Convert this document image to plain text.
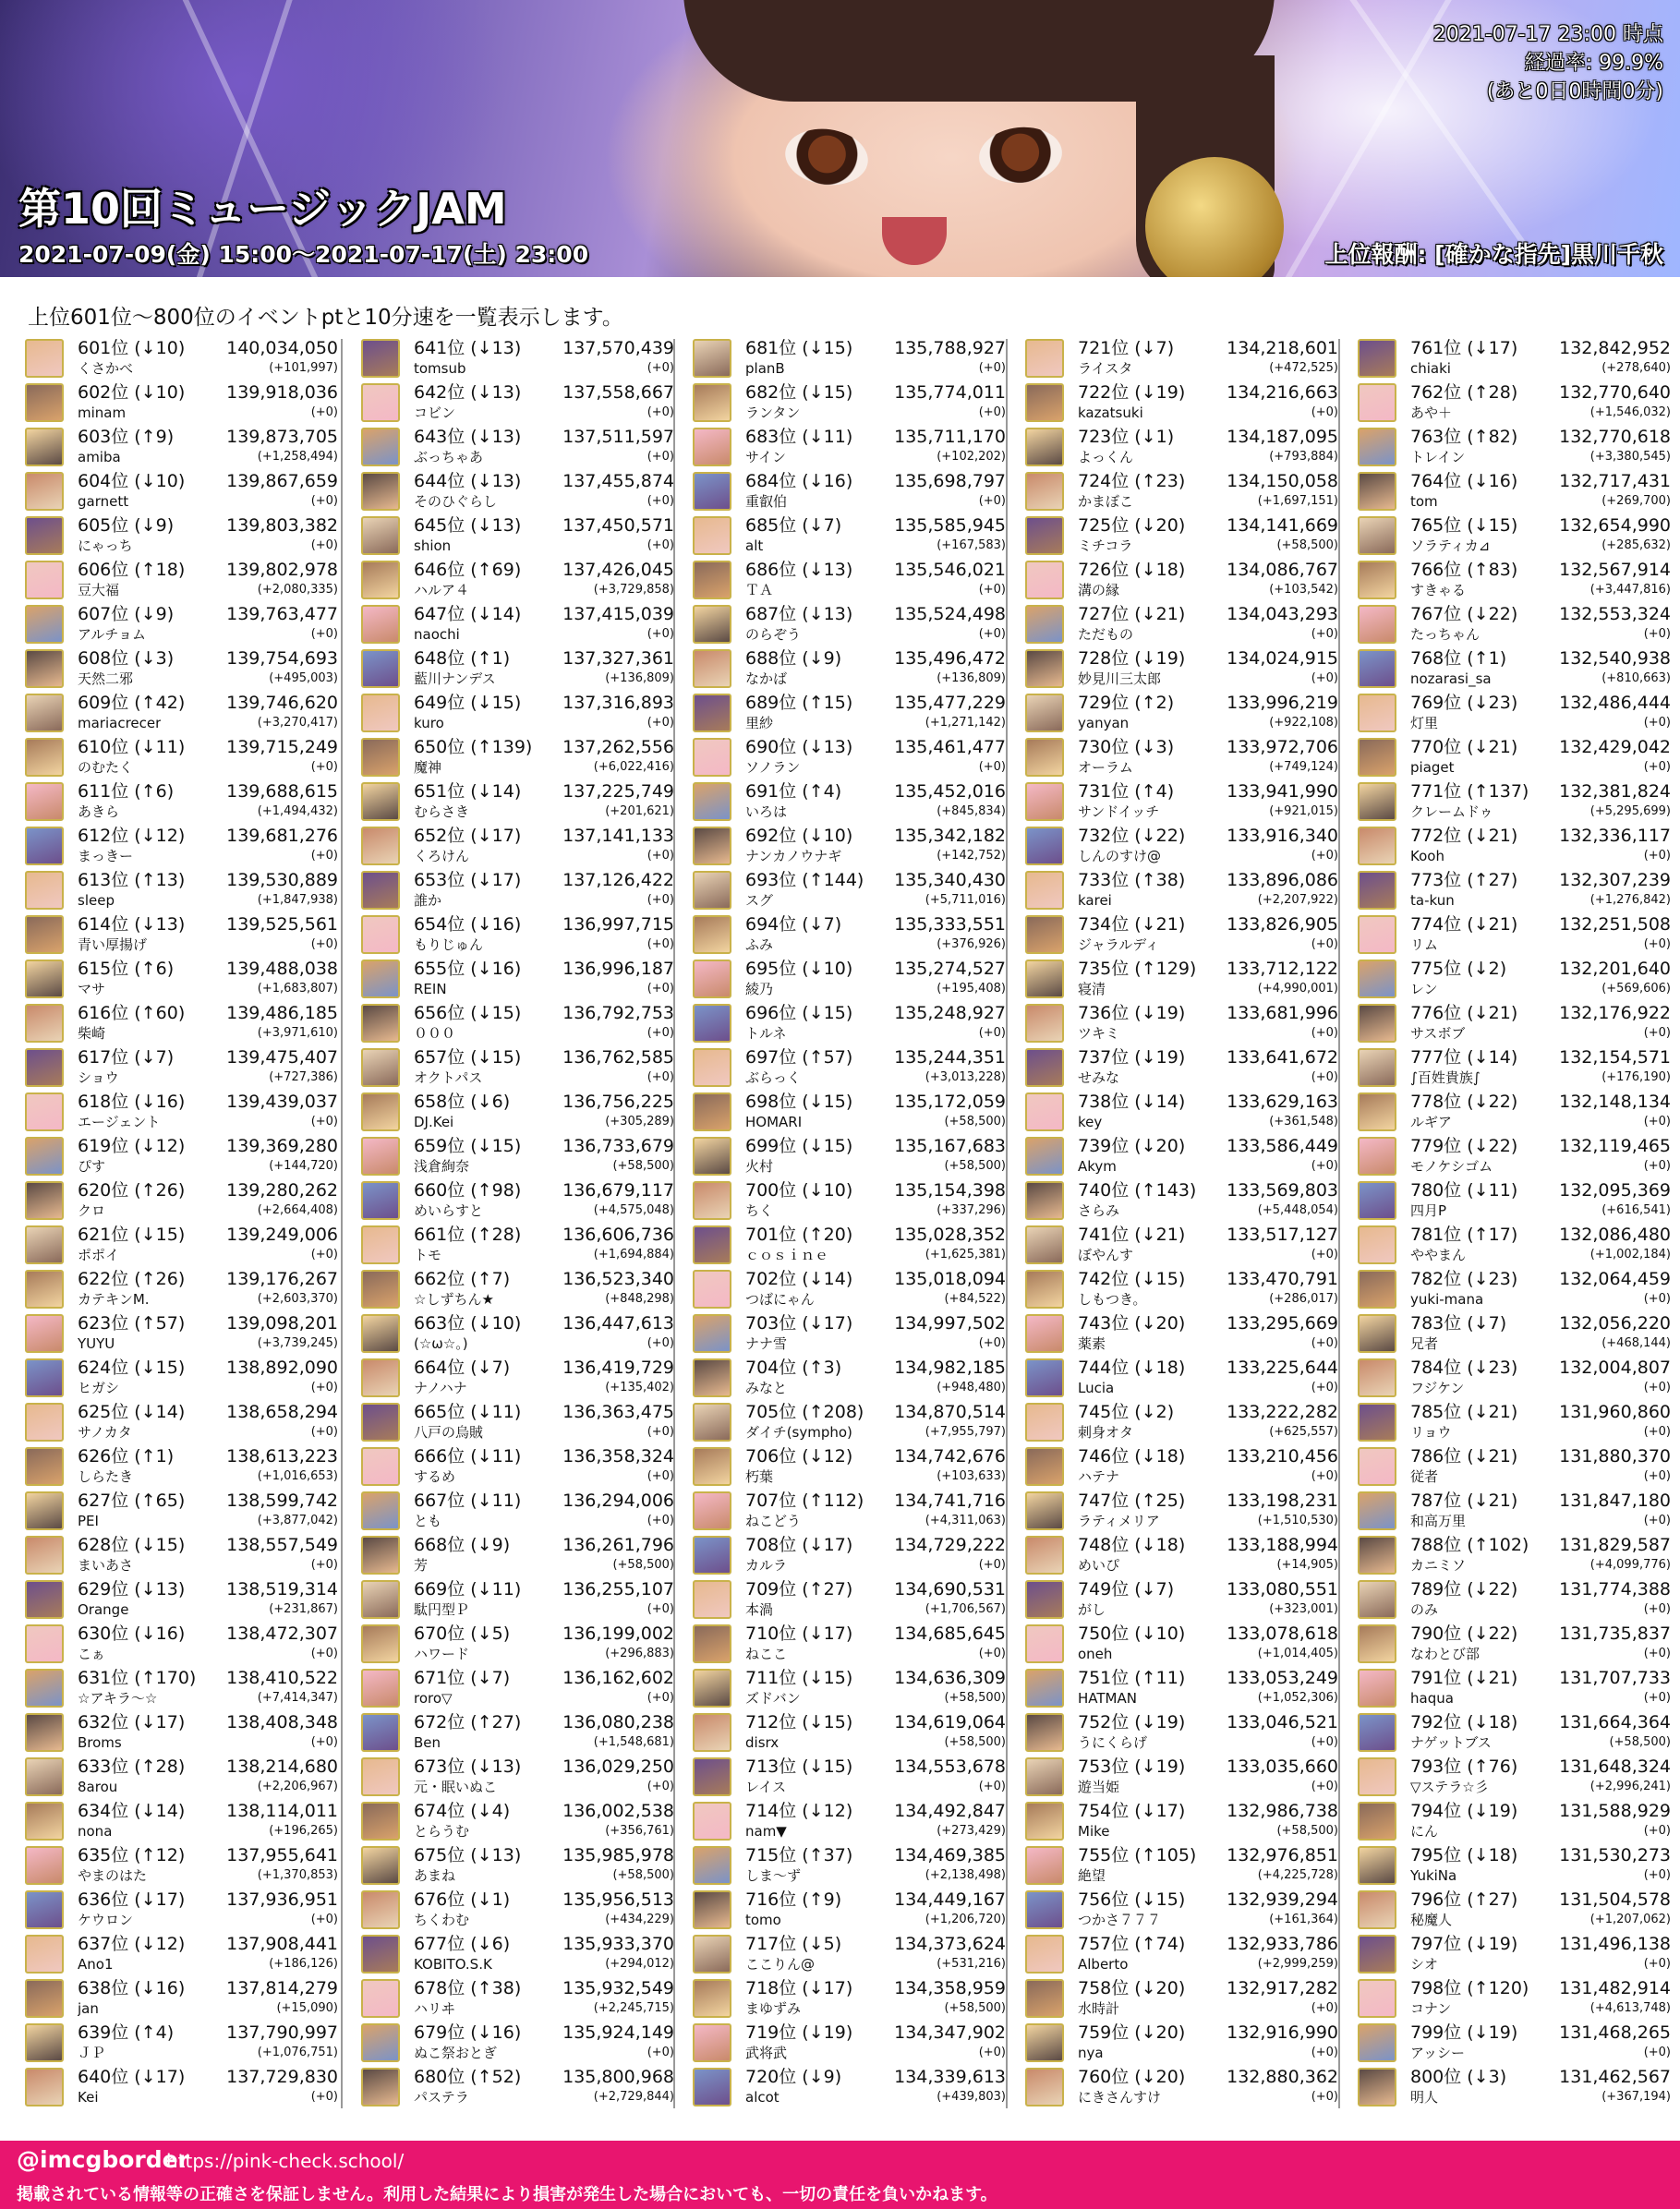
第10回ミュージックJAM
2021-07-09(金) 15:00～2021-07-17(土) 23:00	上位報酬: [確かな指先]黒川千秋
2021-07-17 23:00 時点
経過率: 99.9%
(あと0日0時間0分)
上位601位～800位のイベントptと10分速を一覧表示します。
601位 (↓10) 140,034,050
くさかべ	(+101,997)
602位 (↓10) 139,918,036
minam	(+0)
603位 (↑9)	139,873,705
amiba	(+1,258,494)
604位 (↓10) 139,867,659
garnett	(+0)
605位 (↓9)	139,803,382
にゃっち	(+0)
606位 (↑18) 139,802,978
豆大福	(+2,080,335)
607位 (↓9)	139,763,477
アルチョム	(+0)
608位 (↓3)	139,754,693
天然二邪	(+495,003)
609位 (↑42) 139,746,620
mariacrecer	(+3,270,417)
610位 (↓11) 139,715,249
のむたく	(+0)
611位 (↑6)	139,688,615
あきら	(+1,494,432)
612位 (↓12) 139,681,276
まっきー	(+0)
613位 (↑13) 139,530,889
sleep	(+1,847,938)
614位 (↓13) 139,525,561
青い厚揚げ	(+0)
615位 (↑6)	139,488,038
マサ	(+1,683,807)
616位 (↑60) 139,486,185
柴崎	(+3,971,610)
617位 (↓7)	139,475,407
ショウ	(+727,386)
618位 (↓16) 139,439,037
エージェント	(+0)
619位 (↓12) 139,369,280
ぴす	(+144,720)
620位 (↑26) 139,280,262
クロ	(+2,664,408)
621位 (↓15) 139,249,006
ポポイ	(+0)
622位 (↑26) 139,176,267
カテキンM.	(+2,603,370)
623位 (↑57) 139,098,201
YUYU	(+3,739,245)
624位 (↓15) 138,892,090
ヒガシ	(+0)
625位 (↓14) 138,658,294
サノカタ	(+0)
626位 (↑1)	138,613,223
しらたき	(+1,016,653)
627位 (↑65) 138,599,742
PEI	(+3,877,042)
628位 (↓15) 138,557,549
まいあさ	(+0)
629位 (↓13) 138,519,314
Orange	(+231,867)
630位 (↓16) 138,472,307
こぁ	(+0)
631位 (↑170) 138,410,522
☆アキラ～☆	(+7,414,347)
632位 (↓17) 138,408,348
Broms	(+0)
633位 (↑28) 138,214,680
8arou	(+2,206,967)
634位 (↓14) 138,114,011
nona	(+196,265)
635位 (↑12) 137,955,641
やまのはた	(+1,370,853)
636位 (↓17) 137,936,951
ケウロン	(+0)
637位 (↓12) 137,908,441
Ano1	(+186,126)
638位 (↓16) 137,814,279
jan	(+15,090)
639位 (↑4)	137,790,997
ＪＰ	(+1,076,751)
640位 (↓17) 137,729,830
Kei	(+0)
641位 (↓13) 137,570,439
tomsub	(+0)
642位 (↓13) 137,558,667
コビン	(+0)
643位 (↓13) 137,511,597
ぶっちゃあ	(+0)
644位 (↓13) 137,455,874
そのひぐらし	(+0)
645位 (↓13) 137,450,571
shion	(+0)
646位 (↑69) 137,426,045
ハルア４	(+3,729,858)
647位 (↓14) 137,415,039
naochi	(+0)
648位 (↑1)	137,327,361
藍川ナンデス	(+136,809)
649位 (↓15) 137,316,893
kuro	(+0)
650位 (↑139) 137,262,556
魔神	(+6,022,416)
651位 (↓14) 137,225,749
むらさき	(+201,621)
652位 (↓17) 137,141,133
くろけん	(+0)
653位 (↓17) 137,126,422
誰か	(+0)
654位 (↓16) 136,997,715
もりじゅん	(+0)
655位 (↓16) 136,996,187
REIN	(+0)
656位 (↓15) 136,792,753
０００	(+0)
657位 (↓15) 136,762,585
オクトパス	(+0)
658位 (↓6)	136,756,225
DJ.Kei	(+305,289)
659位 (↓15) 136,733,679
浅倉絢奈	(+58,500)
660位 (↑98) 136,679,117
めいらすと	(+4,575,048)
661位 (↑28) 136,606,736
トモ	(+1,694,884)
662位 (↑7)	136,523,340
☆しずちん★	(+848,298)
663位 (↓10) 136,447,613
(☆ω☆。)	(+0)
664位 (↓7)	136,419,729
ナノハナ	(+135,402)
665位 (↓11) 136,363,475
八戸の烏賊	(+0)
666位 (↓11) 136,358,324
するめ	(+0)
667位 (↓11) 136,294,006
とも	(+0)
668位 (↓9)	136,261,796
芳	(+58,500)
669位 (↓11) 136,255,107
駄円型Ｐ	(+0)
670位 (↓5)	136,199,002
ハワード	(+296,883)
671位 (↓7)	136,162,602
roro▽	(+0)
672位 (↑27) 136,080,238
Ben	(+1,548,681)
673位 (↓13) 136,029,250
元・眠いぬこ	(+0)
674位 (↓4)	136,002,538
とらうむ	(+356,761)
675位 (↓13) 135,985,978
あまね	(+58,500)
676位 (↓1)	135,956,513
ちくわむ	(+434,229)
677位 (↓6)	135,933,370
KOBITO.S.K	(+294,012)
678位 (↑38) 135,932,549
ハリヰ	(+2,245,715)
679位 (↓16) 135,924,149
ぬこ祭おとぎ	(+0)
680位 (↑52) 135,800,968
パステラ	(+2,729,844)
681位 (↓15) 135,788,927
planB	(+0)
682位 (↓15) 135,774,011
ランタン	(+0)
683位 (↓11) 135,711,170
サイン	(+102,202)
684位 (↓16) 135,698,797
重叡伯	(+0)
685位 (↓7)	135,585,945
alt	(+167,583)
686位 (↓13) 135,546,021
ＴＡ	(+0)
687位 (↓13) 135,524,498
のらぞう	(+0)
688位 (↓9)	135,496,472
なかば	(+136,809)
689位 (↑15) 135,477,229
里紗	(+1,271,142)
690位 (↓13) 135,461,477
ソノラン	(+0)
691位 (↑4)	135,452,016
いろは	(+845,834)
692位 (↓10) 135,342,182
ナンカノウナギ	(+142,752)
693位 (↑144) 135,340,430
スグ	(+5,711,016)
694位 (↓7)	135,333,551
ふみ	(+376,926)
695位 (↓10) 135,274,527
綾乃	(+195,408)
696位 (↓15) 135,248,927
トルネ	(+0)
697位 (↑57) 135,244,351
ぶらっく	(+3,013,228)
698位 (↓15) 135,172,059
HOMARI	(+58,500)
699位 (↓15) 135,167,683
火村	(+58,500)
700位 (↓10) 135,154,398
ちく	(+337,296)
701位 (↑20) 135,028,352
ｃｏｓｉｎｅ	(+1,625,381)
702位 (↓14) 135,018,094
つばにゃん	(+84,522)
703位 (↓17) 134,997,502
ナナ雪	(+0)
704位 (↑3)	134,982,185
みなと	(+948,480)
705位 (↑208) 134,870,514
ダイチ(sympho)	(+7,955,797)
706位 (↓12) 134,742,676
朽葉	(+103,633)
707位 (↑112) 134,741,716
ねこどう	(+4,311,063)
708位 (↓17) 134,729,222
カルラ	(+0)
709位 (↑27) 134,690,531
本渦	(+1,706,567)
710位 (↓17) 134,685,645
ねここ	(+0)
711位 (↓15) 134,636,309
ズドバン	(+58,500)
712位 (↓15) 134,619,064
disrx	(+58,500)
713位 (↓15) 134,553,678
レイス	(+0)
714位 (↓12) 134,492,847
nam▼	(+273,429)
715位 (↑37) 134,469,385
しま～ず	(+2,138,498)
716位 (↑9)	134,449,167
tomo	(+1,206,720)
717位 (↓5)	134,373,624
ここりん@	(+531,216)
718位 (↓17) 134,358,959
まゆずみ	(+58,500)
719位 (↓19) 134,347,902
武将武	(+0)
720位 (↓9)	134,339,613
alcot	(+439,803)
721位 (↓7)	134,218,601
ライスタ	(+472,525)
722位 (↓19) 134,216,663
kazatsuki	(+0)
723位 (↓1)	134,187,095
よっくん	(+793,884)
724位 (↑23) 134,150,058
かまぼこ	(+1,697,151)
725位 (↓20) 134,141,669
ミチコラ	(+58,500)
726位 (↓18) 134,086,767
溝の縁	(+103,542)
727位 (↓21) 134,043,293
ただもの	(+0)
728位 (↓19) 134,024,915
妙見川三太郎	(+0)
729位 (↑2)	133,996,219
yanyan	(+922,108)
730位 (↓3)	133,972,706
オーラム	(+749,124)
731位 (↑4)	133,941,990
サンドイッチ	(+921,015)
732位 (↓22) 133,916,340
しんのすけ@	(+0)
733位 (↑38) 133,896,086
karei	(+2,207,922)
734位 (↓21) 133,826,905
ジャラルディ	(+0)
735位 (↑129) 133,712,122
寝清	(+4,990,001)
736位 (↓19) 133,681,996
ツキミ	(+0)
737位 (↓19) 133,641,672
せみな	(+0)
738位 (↓14) 133,629,163
key	(+361,548)
739位 (↓20) 133,586,449
Akym	(+0)
740位 (↑143) 133,569,803
さらみ	(+5,448,054)
741位 (↓21) 133,517,127
ぼやんす	(+0)
742位 (↓15) 133,470,791
しもつき。	(+286,017)
743位 (↓20) 133,295,669
薬素	(+0)
744位 (↓18) 133,225,644
Lucia	(+0)
745位 (↓2)	133,222,282
刺身オタ	(+625,557)
746位 (↓18) 133,210,456
ハテナ	(+0)
747位 (↑25) 133,198,231
ラティメリア	(+1,510,530)
748位 (↓18) 133,188,994
めいぴ	(+14,905)
749位 (↓7)	133,080,551
がし	(+323,001)
750位 (↓10) 133,078,618
oneh	(+1,014,405)
751位 (↑11) 133,053,249
HATMAN	(+1,052,306)
752位 (↓19) 133,046,521
うにくらげ	(+0)
753位 (↓19) 133,035,660
遊当姫	(+0)
754位 (↓17) 132,986,738
Mike	(+58,500)
755位 (↑105) 132,976,851
絶望	(+4,225,728)
756位 (↓15) 132,939,294
つかさ７７７	(+161,364)
757位 (↑74) 132,933,786
Alberto	(+2,999,259)
758位 (↓20) 132,917,282
水時計	(+0)
759位 (↓20) 132,916,990
nya	(+0)
760位 (↓20) 132,880,362
にきさんすけ	(+0)
761位 (↓17) 132,842,952
chiaki	(+278,640)
762位 (↑28) 132,770,640
あや＋	(+1,546,032)
763位 (↑82) 132,770,618
トレイン	(+3,380,545)
764位 (↓16) 132,717,431
tom	(+269,700)
765位 (↓15) 132,654,990
ソラティカ⊿	(+285,632)
766位 (↑83) 132,567,914
すきゃる	(+3,447,816)
767位 (↓22) 132,553,324
たっちゃん	(+0)
768位 (↑1)	132,540,938
nozarasi_sa	(+810,663)
769位 (↓23) 132,486,444
灯里	(+0)
770位 (↓21) 132,429,042
piaget	(+0)
771位 (↑137) 132,381,824
クレームドゥ	(+5,295,699)
772位 (↓21) 132,336,117
Kooh	(+0)
773位 (↑27) 132,307,239
ta-kun	(+1,276,842)
774位 (↓21) 132,251,508
リム	(+0)
775位 (↓2)	132,201,640
レン	(+569,606)
776位 (↓21) 132,176,922
サスボブ	(+0)
777位 (↓14) 132,154,571
∫百姓貴族∫	(+176,190)
778位 (↓22) 132,148,134
ルギア	(+0)
779位 (↓22) 132,119,465
モノケシゴム	(+0)
780位 (↓11) 132,095,369
四月P	(+616,541)
781位 (↑17) 132,086,480
ややまん	(+1,002,184)
782位 (↓23) 132,064,459
yuki-mana	(+0)
783位 (↓7)	132,056,220
兄者	(+468,144)
784位 (↓23) 132,004,807
フジケン	(+0)
785位 (↓21) 131,960,860
リョウ	(+0)
786位 (↓21) 131,880,370
従者	(+0)
787位 (↓21) 131,847,180
和高万里	(+0)
788位 (↑102) 131,829,587
カニミソ	(+4,099,776)
789位 (↓22) 131,774,388
のみ	(+0)
790位 (↓22) 131,735,837
なわとび部	(+0)
791位 (↓21) 131,707,733
haqua	(+0)
792位 (↓18) 131,664,364
ナゲットブス	(+58,500)
793位 (↑76) 131,648,324
▽ステラ☆彡	(+2,996,241)
794位 (↓19) 131,588,929
にん	(+0)
795位 (↓18) 131,530,273
YukiNa	(+0)
796位 (↑27) 131,504,578
秘魔人	(+1,207,062)
797位 (↓19) 131,496,138
シオ	(+0)
798位 (↑120) 131,482,914
コナン	(+4,613,748)
799位 (↓19) 131,468,265
アッシー	(+0)
800位 (↓3)	131,462,567
明人	(+367,194)
@imcgborder
https://pink-check.school/
掲載されている情報等の正確さを保証しません。利用した結果により損害が発生した場合においても、一切の責任を負いかねます。
